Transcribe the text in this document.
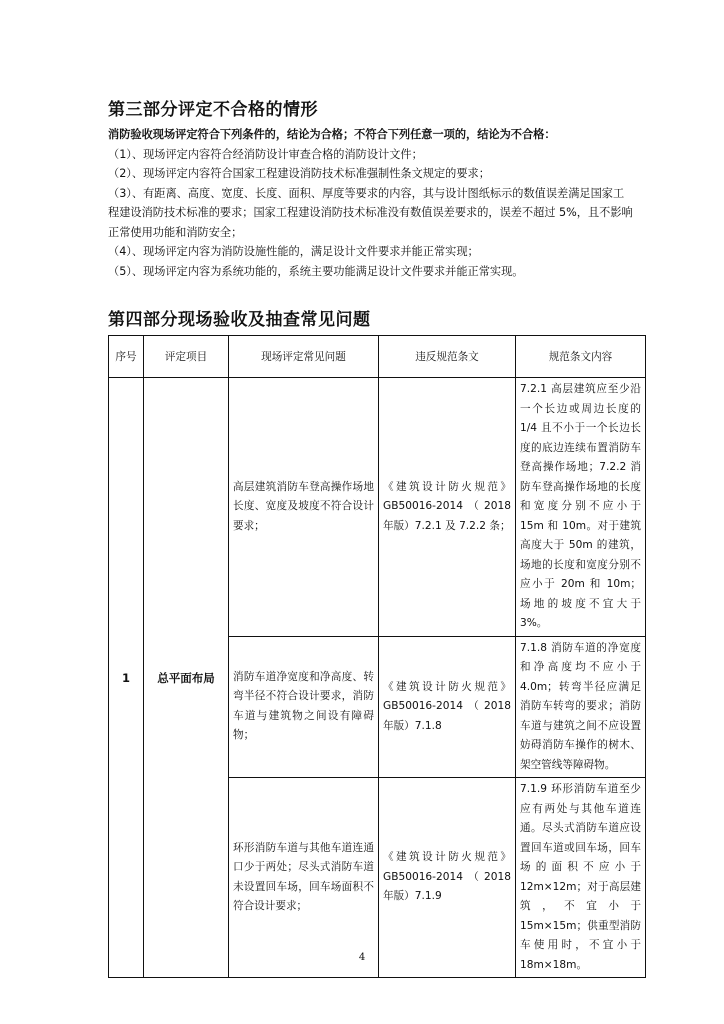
第三部分评定不合格的情形

消防验收现场评定符合下列条件的，结论为合格；不符合下列任意一项的，结论为不合格：

（1）、现场评定内容符合经消防设计审查合格的消防设计文件；

（2）、现场评定内容符合国家工程建设消防技术标准强制性条文规定的要求；

（3）、有距离、高度、宽度、长度、面积、厚度等要求的内容，其与设计图纸标示的数值误差满足国家工

程建设消防技术标准的要求；国家工程建设消防技术标准没有数值误差要求的，误差不超过 5%，且不影响

正常使用功能和消防安全；

（4）、现场评定内容为消防设施性能的，满足设计文件要求并能正常实现；

（5）、现场评定内容为系统功能的，系统主要功能满足设计文件要求并能正常实现。

第四部分现场验收及抽查常见问题
序号	评定项目	现场评定常见问题	违反规范条文	规范条文内容
1	总平面布局	高层建筑消防车登高操作场地长度、宽度及坡度不符合设计要求；	《建筑设计防火规范》GB50016-2014（2018 年版）7.2.1 及 7.2.2 条；	7.2.1 高层建筑应至少沿一个长边或周边长度的 1/4 且不小于一个长边长度的底边连续布置消防车登高操作场地；7.2.2 消防车登高操作场地的长度和宽度分别不应小于 15m 和 10m。对于建筑高度大于 50m 的建筑，场地的长度和宽度分别不应小于 20m 和 10m；场地的坡度不宜大于 3%。
		消防车道净宽度和净高度、转弯半径不符合设计要求，消防车道与建筑物之间设有障碍物；	《建筑设计防火规范》GB50016-2014（2018 年版）7.1.8	7.1.8 消防车道的净宽度和净高度均不应小于 4.0m；转弯半径应满足消防车转弯的要求；消防车道与建筑之间不应设置妨碍消防车操作的树木、架空管线等障碍物。
		环形消防车道与其他车道连通口少于两处；尽头式消防车道未设置回车场，回车场面积不符合设计要求；	《建筑设计防火规范》GB50016-2014（2018 年版）7.1.9	7.1.9 环形消防车道至少应有两处与其他车道连通。尽头式消防车道应设置回车道或回车场，回车场的面积不应小于 12m×12m；对于高层建筑，不宜小于 15m×15m；供重型消防车使用时，不宜小于 18m×18m。
4
